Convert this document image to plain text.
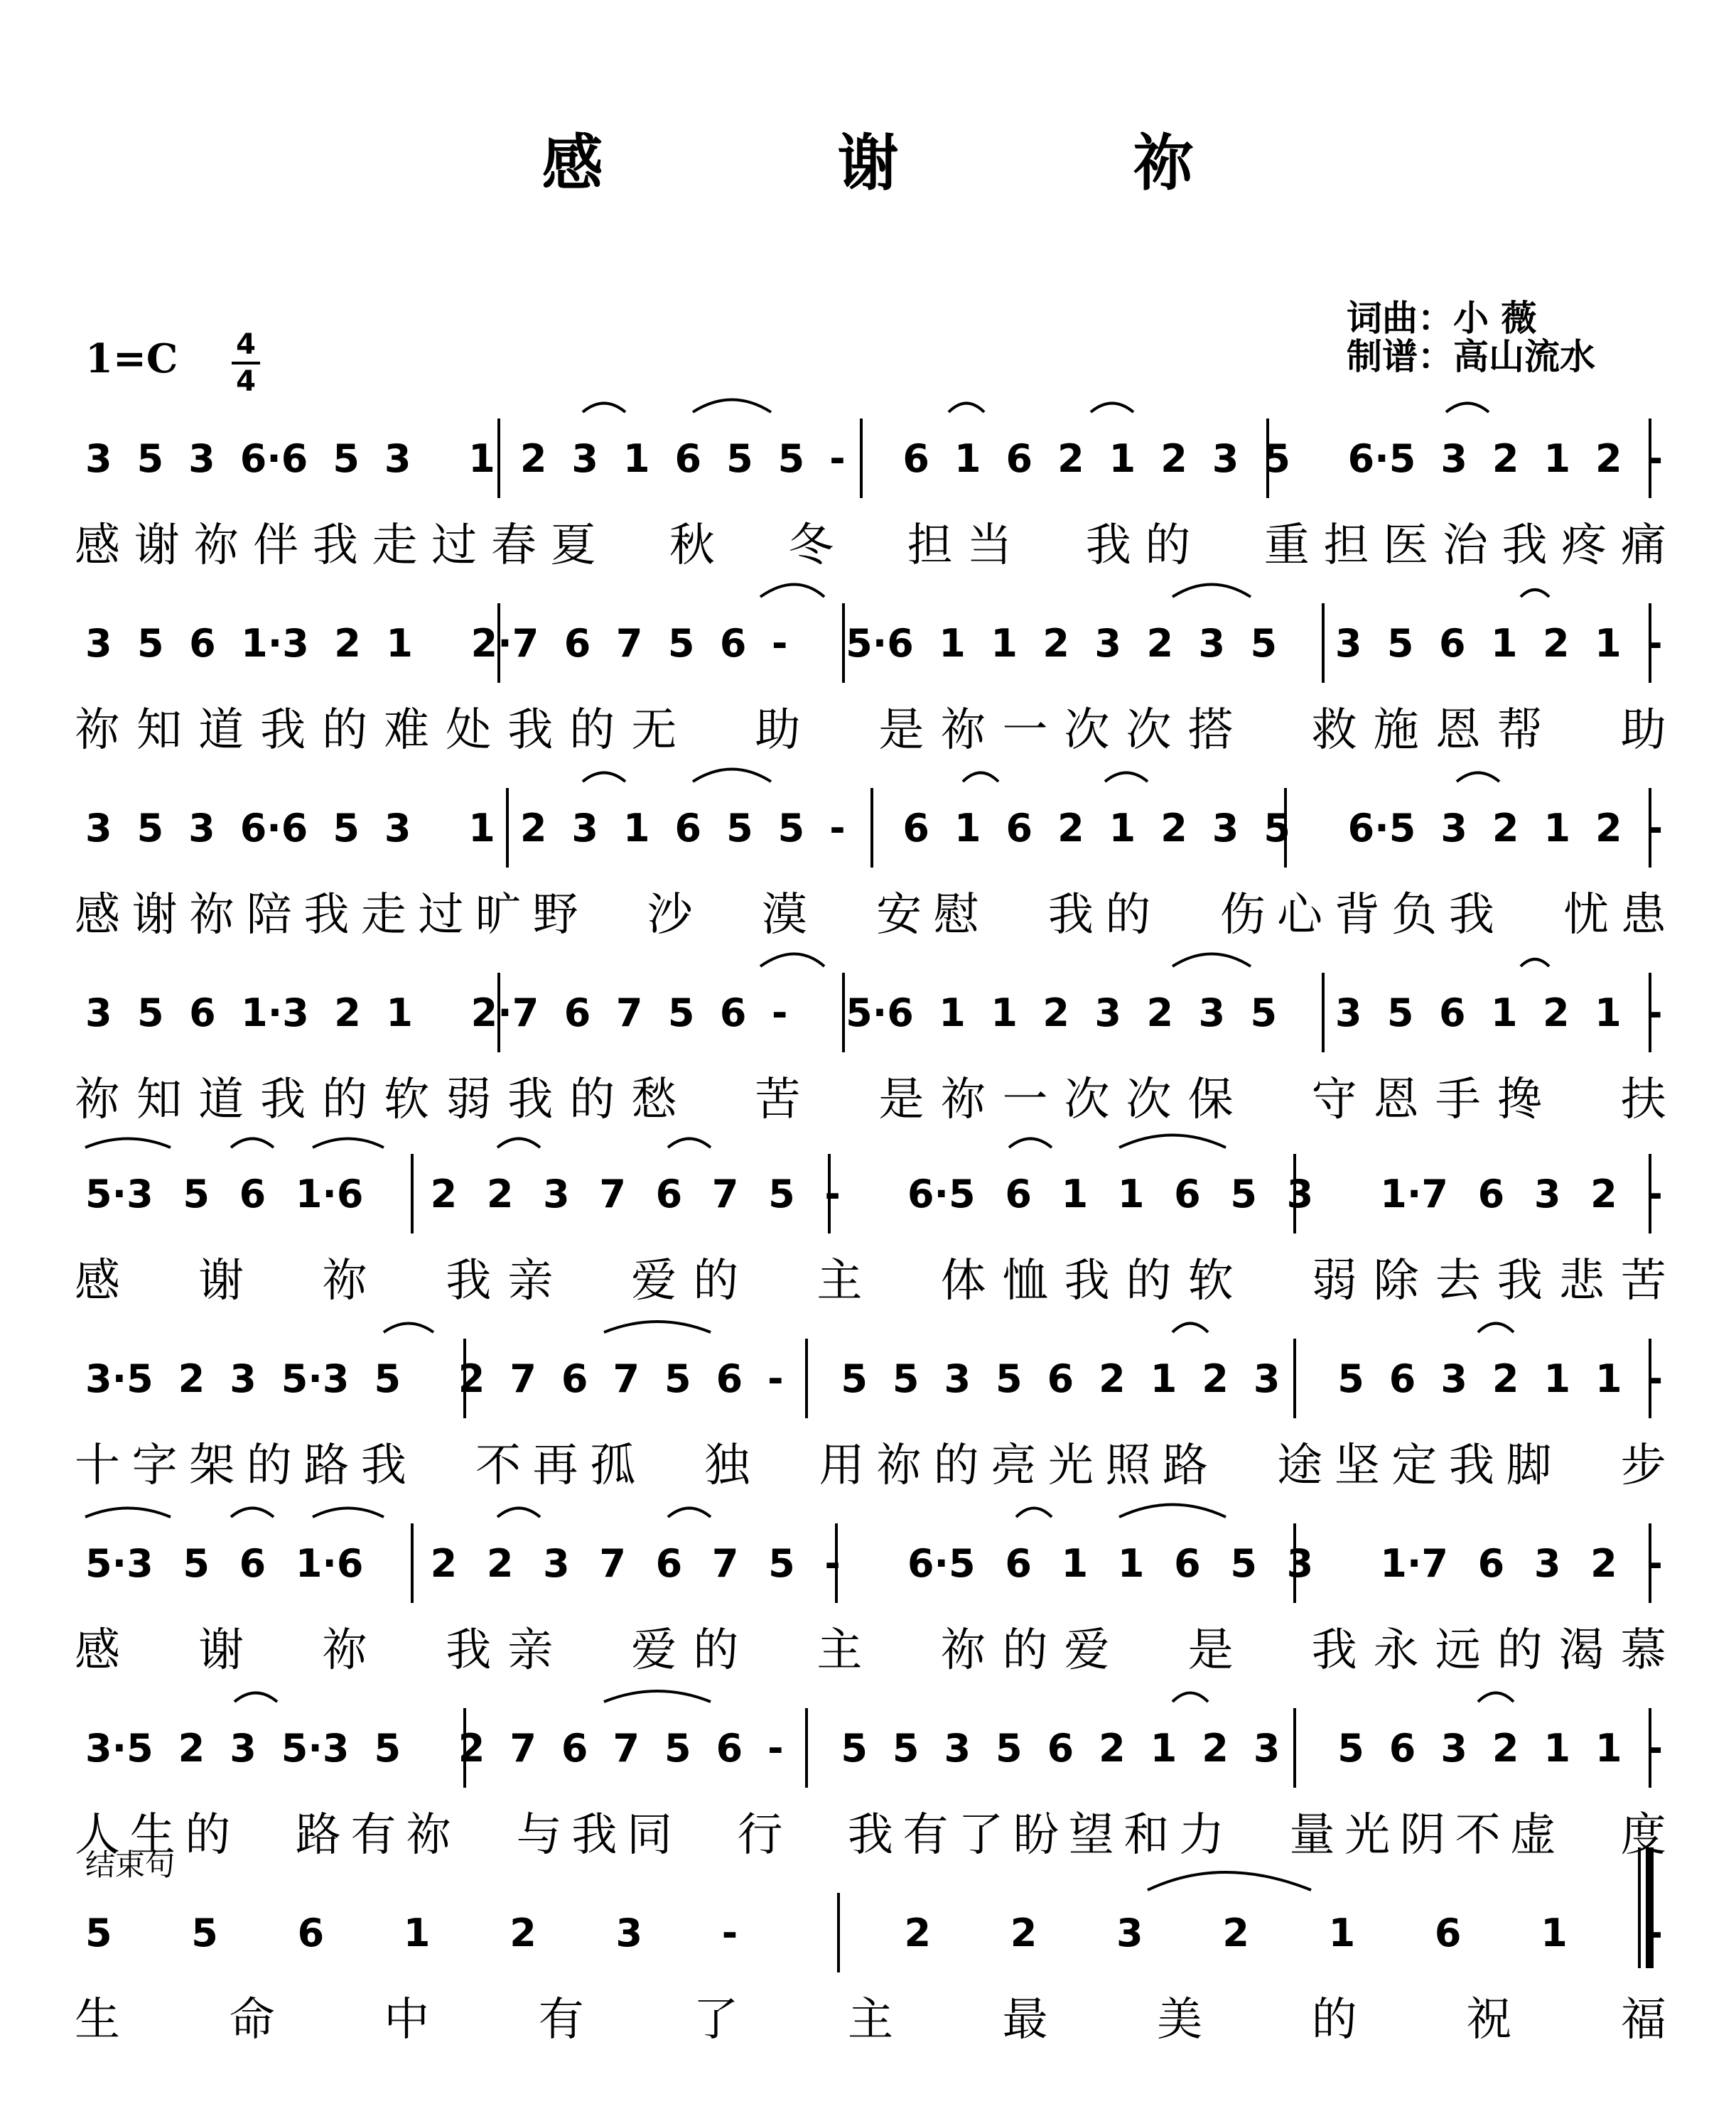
感 谢 祢
词曲：小 薇
制谱：高山流水
1=C 4
4
3 5 3 6·6 5 3
  1 2 3 1 6 5 5 -
  6 1 6 2 1 2 3 5
  6·5 3 2 1 2 -
感 谢 祢 伴 我 走 过 春 夏
　 秋
　 冬
　 担 当
　 我 的
　 重 担 医 治 我 疼 痛
3 5 6 1·3 2 1
  2·7 6 7 5 6 -
  5·6 1 1 2 3 2 3 5
  3 5 6 1 2 1 -
祢 知 道 我 的 难 处 我 的 无
　 助
　 是 祢 一 次 次 搭
　 救 施 恩 帮
　 助
3 5 3 6·6 5 3
  1 2 3 1 6 5 5 -
  6 1 6 2 1 2 3 5
  6·5 3 2 1 2 -
感 谢 祢 陪 我 走 过 旷 野
　 沙
　 漠
　 安 慰
　 我 的
　 伤 心 背 负 我
　 忧 患
3 5 6 1·3 2 1
  2·7 6 7 5 6 -
  5·6 1 1 2 3 2 3 5
  3 5 6 1 2 1 -
祢 知 道 我 的 软 弱 我 的 愁
　 苦
　 是 祢 一 次 次 保
　 守 恩 手 搀
　 扶
5·3 5 6 1·6
  2 2 3 7 6 7 5 -
  6·5 6 1 1 6 5 3
  1·7 6 3 2 -
感
　 谢
　 祢
　 我 亲
　 爱 的
　 主
　 体 恤 我 的 软
　 弱 除 去 我 悲 苦
3·5 2 3 5·3 5
  2 7 6 7 5 6 -
  5 5 3 5 6 2 1 2 3
  5 6 3 2 1 1 -
十 字 架 的 路 我
　 不 再 孤
　 独
　 用 祢 的 亮 光 照 路
　 途 坚 定 我 脚
　 步
5·3 5 6 1·6
  2 2 3 7 6 7 5 -
  6·5 6 1 1 6 5 3
  1·7 6 3 2 -
感
　 谢
　 祢
　 我 亲
　 爱 的
　 主
　 祢 的 爱
　 是
　 我 永 远 的 渴 慕
3·5 2 3 5·3 5
  2 7 6 7 5 6 -
  5 5 3 5 6 2 1 2 3
  5 6 3 2 1 1 -
人 生 的
　 路 有 祢
　 与 我 同
　 行
　 我 有 了 盼 望 和 力
　 量 光 阴 不 虚
　 度
结束句
5 5 6 1 2 3 -
 	2 2 3 2 1 6 1 -
生
　 命
　 中
　 有
　 了
　 主
　 最
　 美
　 的
　 祝
　 福
